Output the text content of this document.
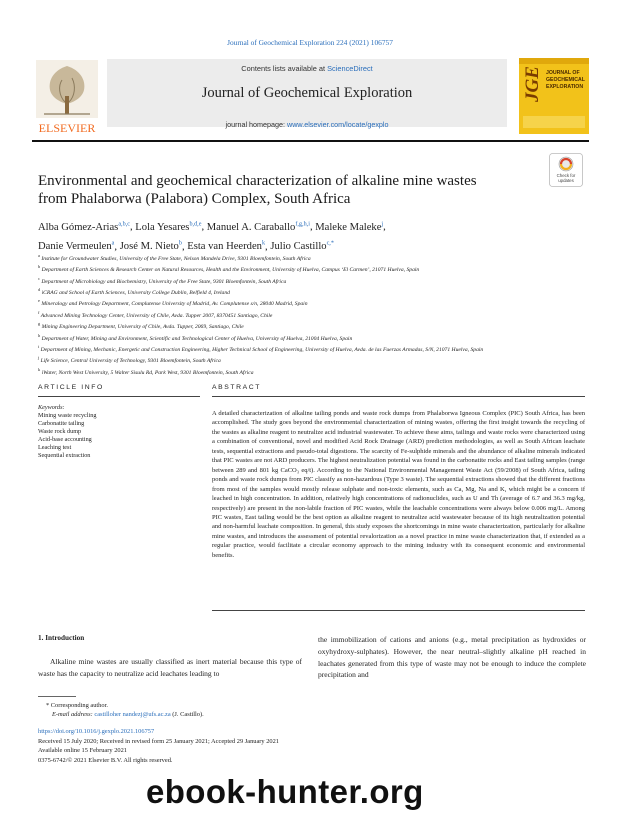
Journal of Geochemical Exploration 224 (2021) 106757
ELSEVIER
Contents lists available at ScienceDirect
Journal of Geochemical Exploration
journal homepage: www.elsevier.com/locate/gexplo
JOURNAL OF
GEOCHEMICAL
EXPLORATION
JGE
Environmental and geochemical characterization of alkaline mine wastes
from Phalaborwa (Palabora) Complex, South Africa
Check for
updates
Alba Gómez-Arias$^{a,b,c}$, Lola Yesares$^{b,d,e}$, Manuel A. Caraballo$^{f,g,h,i}$, Maleke Maleke$^j$,
Danie Vermeulen$^a$, José M. Nieto$^b$, Esta van Heerden$^k$, Julio Castillo$^{c,*}$
$^a$ Institute for Groundwater Studies, University of the Free State, Nelson Mandela Drive, 9301 Bloemfontein, South Africa
$^b$ Department of Earth Sciences & Research Center on Natural Resources, Health and the Environment, University of Huelva, Campus ‘El Carmen’, 21071 Huelva, Spain
$^c$ Department of Microbiology and Biochemistry, University of the Free State, 9301 Bloemfontein, South Africa
$^d$ iCRAG and School of Earth Sciences, University College Dublin, Belfield 4, Ireland
$^e$ Mineralogy and Petrology Department, Complutense University of Madrid, Av. Complutense s/n, 28040 Madrid, Spain
$^f$ Advanced Mining Technology Center, University of Chile, Avda. Tupper 2007, 8370451 Santiago, Chile
$^g$ Mining Engineering Department, University of Chile, Avda. Tupper, 2069, Santiago, Chile
$^h$ Department of Water, Mining and Environment, Scientific and Technological Center of Huelva, University of Huelva, 21004 Huelva, Spain
$^i$ Department of Mining, Mechanic, Energetic and Construction Engineering, Higher Technical School of Engineering, University of Huelva, Avda. de las Fuerzas Armadas, S/N, 21071 Huelva, Spain
$^j$ Life Science, Central University of Technology, 9301 Bloemfontein, South Africa
$^k$ iWater, North West University, 5 Walter Sisulu Rd, Park West, 9301 Bloemfontein, South Africa
ARTICLE INFO
Keywords:
Mining waste recycling
Carbonatite tailing
Waste rock dump
Acid-base accounting
Leaching test
Sequential extraction
ABSTRACT
A detailed characterization of alkaline tailing ponds and waste rock dumps from Phalaborwa Igneous Complex (PIC) South Africa, has been accomplished. The study goes beyond the environmental characterization of mining wastes, offering the first insight towards the recycling of the wastes as alkaline reagent to neutralize acid industrial wastewater. To achieve these aims, tailings and waste rocks were characterized using a combination of conventional, novel and modified Acid Rock Drainage (ARD) prediction methodologies, as well as South African leachate tests, sequential extractions and pseudo-total digestions. The scarcity of Fe-sulphide minerals and the abundance of alkaline minerals indicated that PIC wastes are not ARD producers. The highest neutralization potential was found in the carbonatite rocks and East tailing samples (range between 289 and 801 kg CaCO₃ eq/t). According to the National Environmental Management Waste Act (59/2008) of South Africa, tailing ponds and waste rock dumps from PIC classify as non-hazardous (Type 3 waste). The sequential extractions showed that the different fractions from most of the samples would mostly release sulphate and non-toxic elements, such as Ca, Mg, Na and K, which might be a concern if leached in high concentration. In addition, relatively high concentrations of radionuclides, such as U and Th (average of 6.7 and 36.3 mg/kg, respectively) are present in the non-labile fraction of PIC wastes, while the leachable concentrations were always below 0.006 mg/L. Among PIC wastes, East tailing would be the best option as alkaline reagent to neutralize acid wastewater because of its high neutralization potential and non-harmful leachate composition. In general, this study exposes the shortcomings in mine waste characterization, particularly for alkaline mine wastes, and introduces the assessment of potential revalorization as a novel practice in mine waste characterization that, if extended as a regular practice, would facilitate a circular economy approach to the mining industry with its consequent economic and environmental benefits.
1. Introduction
Alkaline mine wastes are usually classified as inert material because this type of waste has the capacity to neutralize acid leachates leading to
the immobilization of cations and anions (e.g., metal precipitation as hydroxides or oxyhydroxy-sulphates). However, the near neutral–slightly alkaline pH reached in leachates generated from this type of waste may not be enough to induce the complete precipitation and
* Corresponding author.
E-mail address: castilloher nandezj@ufs.ac.za (J. Castillo).
https://doi.org/10.1016/j.gexplo.2021.106757
Received 15 July 2020; Received in revised form 25 January 2021; Accepted 29 January 2021
Available online 15 February 2021
0375-6742/© 2021 Elsevier B.V. All rights reserved.
ebook-hunter.org
